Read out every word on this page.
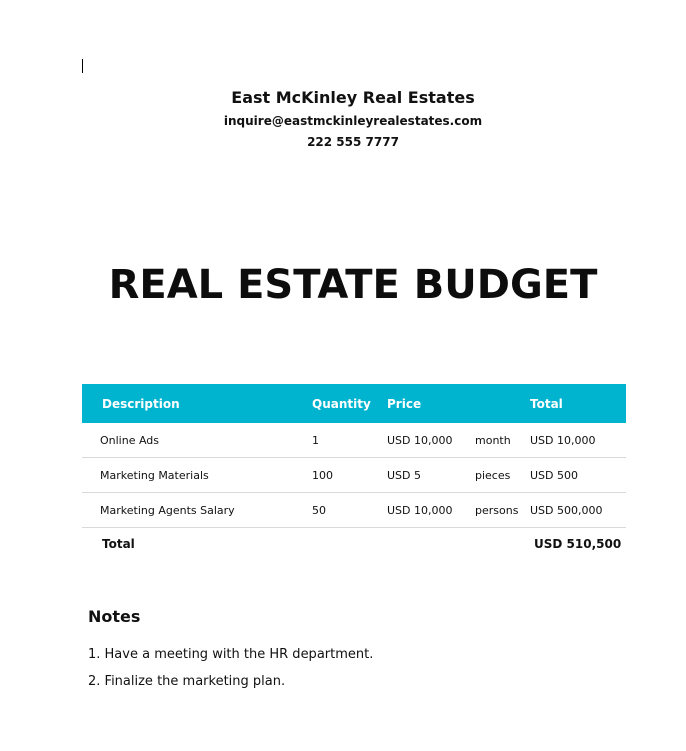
East McKinley Real Estates
inquire@eastmckinleyrealestates.com
222 555 7777
REAL ESTATE BUDGET
Description	Quantity	Price		Total
Online Ads	1	USD 10,000	month	USD 10,000
Marketing Materials	100	USD 5	pieces	USD 500
Marketing Agents Salary	50	USD 10,000	persons	USD 500,000
Total				USD 510,500
Notes
1. Have a meeting with the HR department.
2. Finalize the marketing plan.
